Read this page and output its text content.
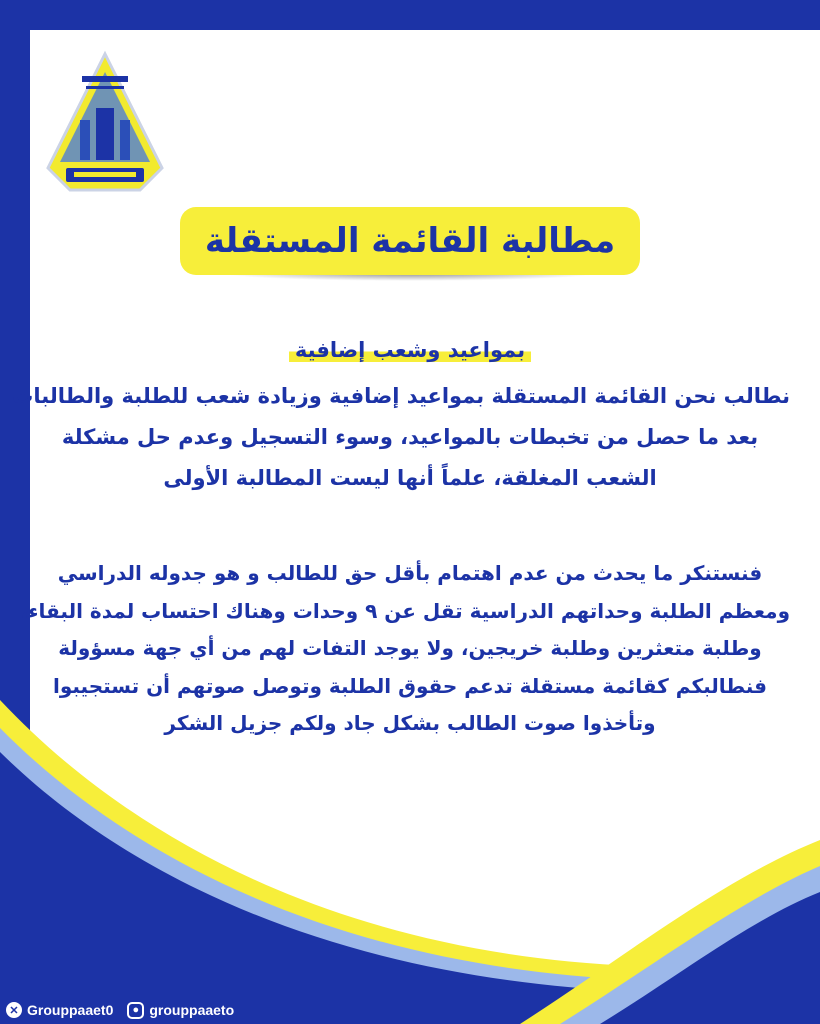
مطالبة القائمة المستقلة
بمواعيد وشعب إضافية
نطالب نحن القائمة المستقلة بمواعيد إضافية وزيادة شعب للطلبة والطالبات
بعد ما حصل من تخبطات بالمواعيد، وسوء التسجيل وعدم حل مشكلة
الشعب المغلقة، علماً أنها ليست المطالبة الأولى
فنستنكر ما يحدث من عدم اهتمام بأقل حق للطالب و هو جدوله الدراسي
ومعظم الطلبة وحداتهم الدراسية تقل عن ٩ وحدات وهناك احتساب لمدة البقاء،
وطلبة متعثرين وطلبة خريجين، ولا يوجد التفات لهم من أي جهة مسؤولة
فنطالبكم كقائمة مستقلة تدعم حقوق الطلبة وتوصل صوتهم أن تستجيبوا
وتأخذوا صوت الطالب بشكل جاد ولكم جزيل الشكر
✕ Grouppaaet0	● grouppaaeto
